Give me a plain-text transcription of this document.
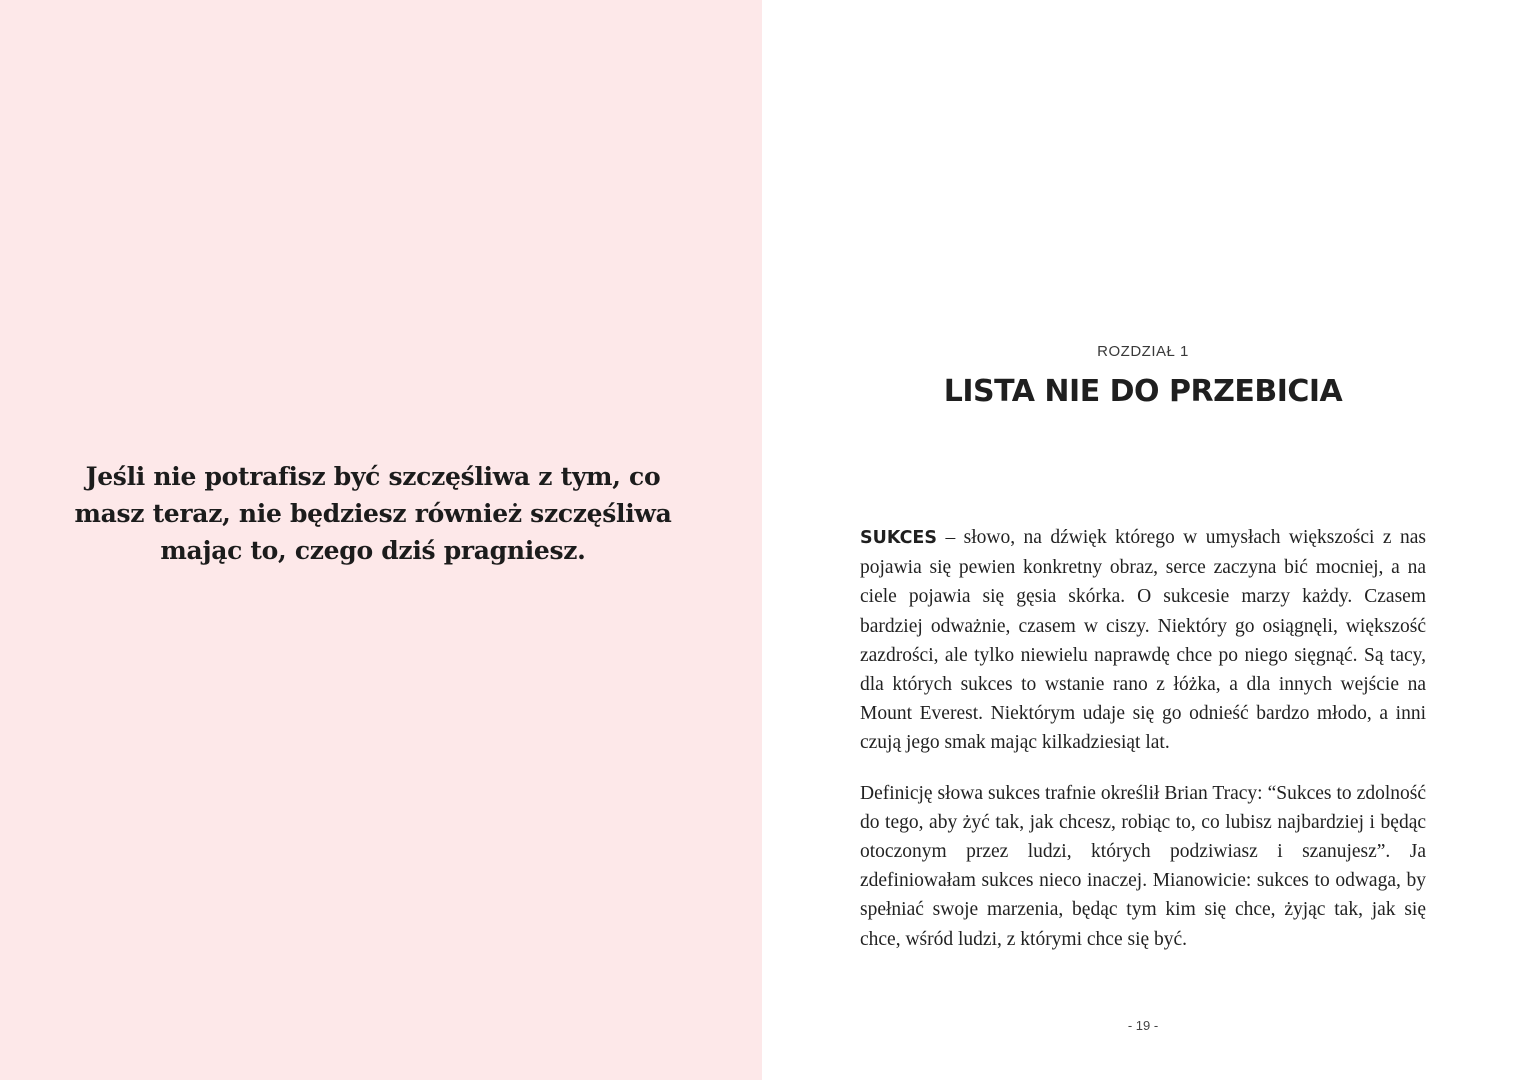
Jeśli nie potrafisz być szczęśliwa z tym, co masz teraz, nie będziesz również szczęśliwa mając to, czego dziś pragniesz.
ROZDZIAŁ 1
LISTA NIE DO PRZEBICIA

SUKCES – słowo, na dźwięk którego w umysłach większości z nas pojawia się pewien konkretny obraz, serce zaczyna bić mocniej, a na ciele pojawia się gęsia skórka. O sukcesie marzy każdy. Czasem bardziej odważnie, czasem w ciszy. Niektóry go osiągnęli, większość zazdrości, ale tylko niewielu naprawdę chce po niego sięgnąć. Są tacy, dla których sukces to wstanie rano z łóżka, a dla innych wejście na Mount Everest. Niektórym udaje się go odnieść bardzo młodo, a inni czują jego smak mając kilkadziesiąt lat.

Definicję słowa sukces trafnie określił Brian Tracy: “Sukces to zdolność do tego, aby żyć tak, jak chcesz, robiąc to, co lubisz najbardziej i będąc otoczonym przez ludzi, których podziwiasz i szanujesz”. Ja zdefiniowałam sukces nieco inaczej. Mianowicie: sukces to odwaga, by spełniać swoje marzenia, będąc tym kim się chce, żyjąc tak, jak się chce, wśród ludzi, z którymi chce się być.

- 19 -
